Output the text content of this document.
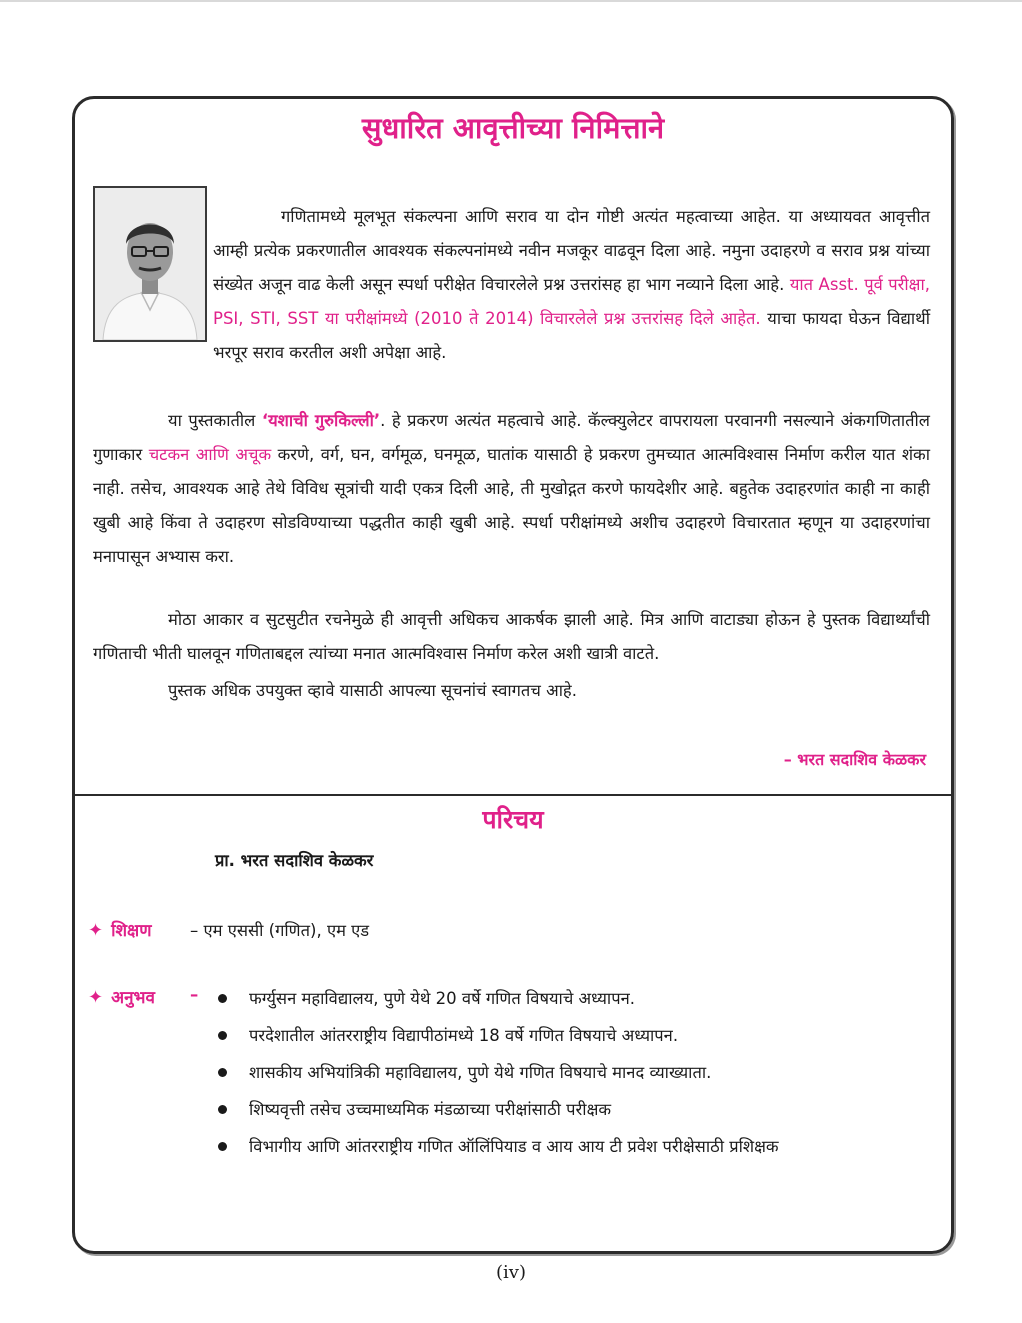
सुधारित आवृत्तीच्या निमित्ताने

गणितामध्ये मूलभूत संकल्पना आणि सराव या दोन गोष्टी अत्यंत महत्वाच्या आहेत. या अध्यायवत आवृत्तीत आम्ही प्रत्येक प्रकरणातील आवश्यक संकल्पनांमध्ये नवीन मजकूर वाढवून दिला आहे. नमुना उदाहरणे व सराव प्रश्न यांच्या संख्येत अजून वाढ केली असून स्पर्धा परीक्षेत विचारलेले प्रश्न उत्तरांसह हा भाग नव्याने दिला आहे. यात Asst. पूर्व परीक्षा, PSI, STI, SST या परीक्षांमध्ये (2010 ते 2014) विचारलेले प्रश्न उत्तरांसह दिले आहेत. याचा फायदा घेऊन विद्यार्थी भरपूर सराव करतील अशी अपेक्षा आहे.

या पुस्तकातील ‘यशाची गुरुकिल्ली’. हे प्रकरण अत्यंत महत्वाचे आहे. कॅल्क्युलेटर वापरायला परवानगी नसल्याने अंकगणितातील गुणाकार चटकन आणि अचूक करणे, वर्ग, घन, वर्गमूळ, घनमूळ, घातांक यासाठी हे प्रकरण तुमच्यात आत्मविश्वास निर्माण करील यात शंका नाही. तसेच, आवश्यक आहे तेथे विविध सूत्रांची यादी एकत्र दिली आहे, ती मुखोद्गत करणे फायदेशीर आहे. बहुतेक उदाहरणांत काही ना काही खुबी आहे किंवा ते उदाहरण सोडविण्याच्या पद्धतीत काही खुबी आहे. स्पर्धा परीक्षांमध्ये अशीच उदाहरणे विचारतात म्हणून या उदाहरणांचा मनापासून अभ्यास करा.

मोठा आकार व सुटसुटीत रचनेमुळे ही आवृत्ती अधिकच आकर्षक झाली आहे. मित्र आणि वाटाड्या होऊन हे पुस्तक विद्यार्थ्यांची गणिताची भीती घालवून गणिताबद्दल त्यांच्या मनात आत्मविश्वास निर्माण करेल अशी खात्री वाटते.

पुस्तक अधिक उपयुक्त व्हावे यासाठी आपल्या सूचनांचं स्वागतच आहे.

– भरत सदाशिव केळकर

परिचय

प्रा. भरत सदाशिव केळकर

✦ शिक्षण – एम एससी (गणित), एम एड

✦ अनुभव –	फर्ग्युसन महाविद्यालय, पुणे येथे 20 वर्षे गणित विषयाचे अध्यापन.
परदेशातील आंतरराष्ट्रीय विद्यापीठांमध्ये 18 वर्षे गणित विषयाचे अध्यापन.
शासकीय अभियांत्रिकी महाविद्यालय, पुणे येथे गणित विषयाचे मानद व्याख्याता.
शिष्यवृत्ती तसेच उच्चमाध्यमिक मंडळाच्या परीक्षांसाठी परीक्षक
विभागीय आणि आंतरराष्ट्रीय गणित ऑलिंपियाड व आय आय टी प्रवेश परीक्षेसाठी प्रशिक्षक

(iv)
